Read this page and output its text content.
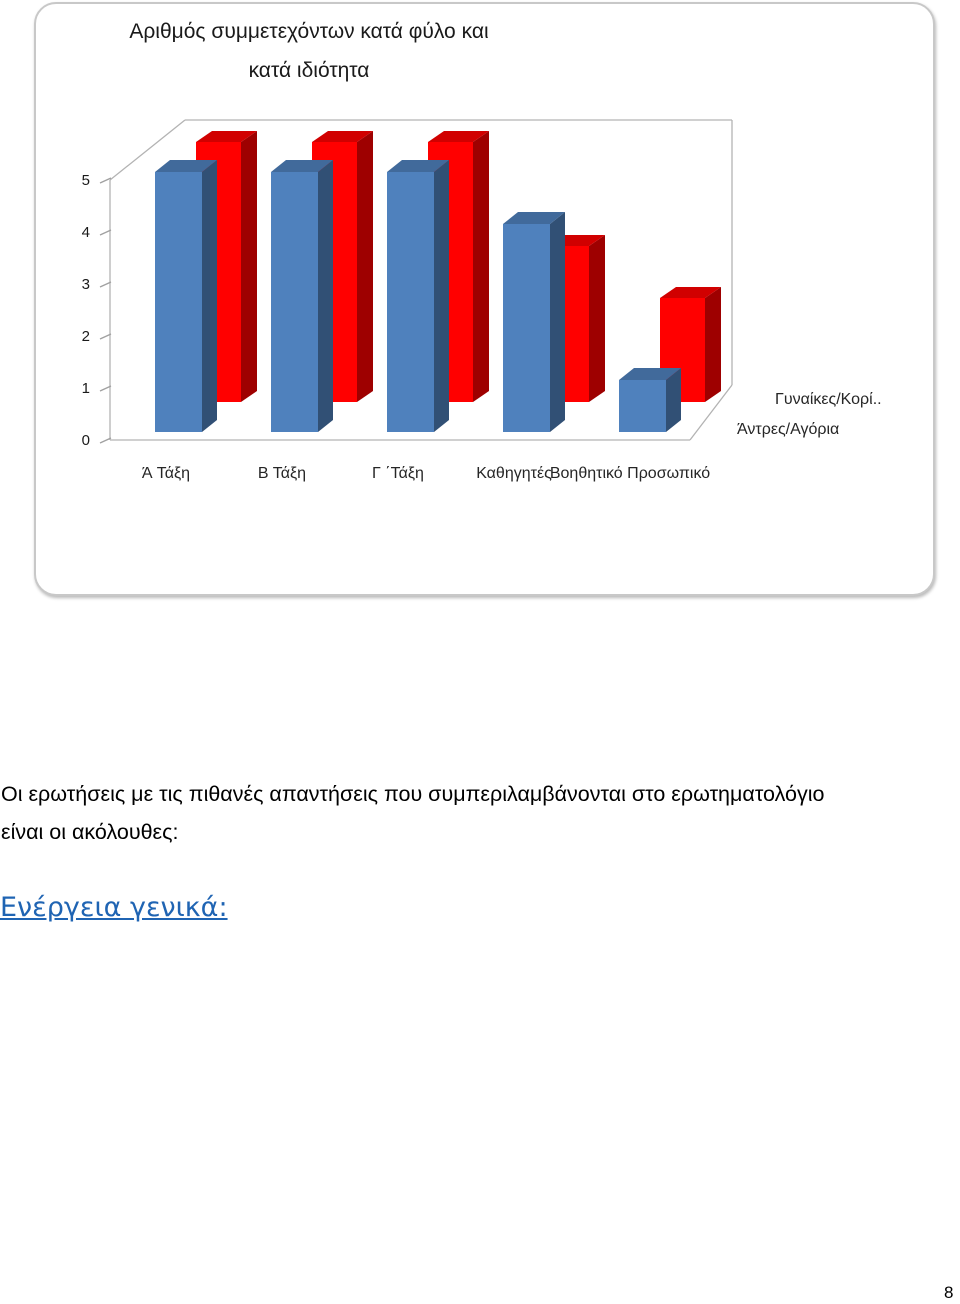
0
1
2
3
4
5
Ά Τάξη	Β Τάξη	Γ ΄Τάξη	Καθηγητές
Βοηθητικό Προσωπικό
Άντρες/Αγόρια
Γυναίκες/Κορί..
Αριθμός συμμετεχόντων κατά φύλο και
κατά ιδιότητα
Οι ερωτήσεις με τις πιθανές απαντήσεις που συμπεριλαμβάνονται στο ερωτηματολόγιο
είναι οι ακόλουθες:
Ενέργεια γενικά:
8
